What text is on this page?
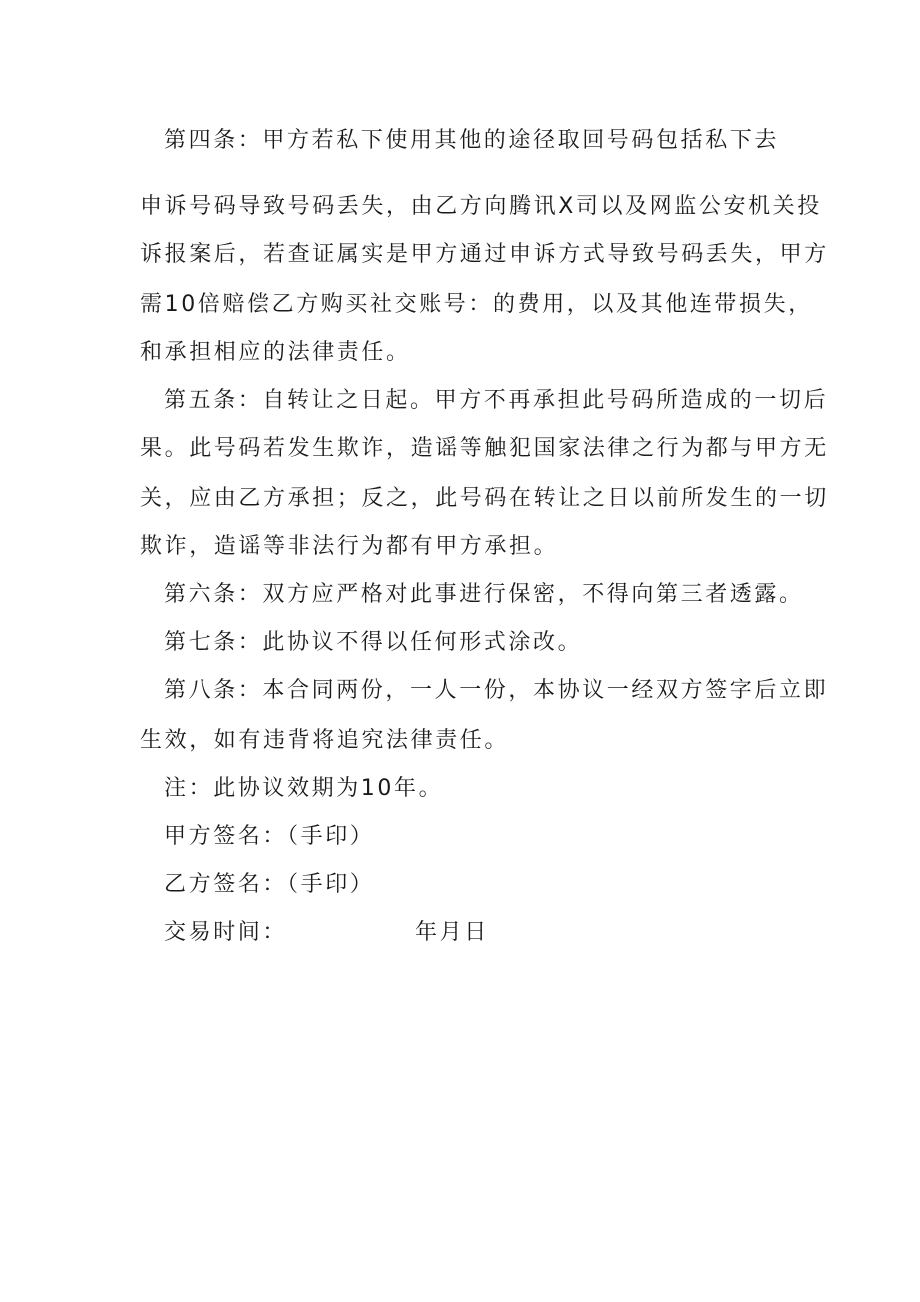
第四条：甲方若私下使用其他的途径取回号码包括私下去
申诉号码导致号码丢失，由乙方向腾讯X司以及网监公安机关投
诉报案后，若查证属实是甲方通过申诉方式导致号码丢失，甲方
需10倍赔偿乙方购买社交账号：的费用，以及其他连带损失，
和承担相应的法律责任。
第五条：自转让之日起。甲方不再承担此号码所造成的一切后
果。此号码若发生欺诈，造谣等触犯国家法律之行为都与甲方无
关，应由乙方承担；反之，此号码在转让之日以前所发生的一切
欺诈，造谣等非法行为都有甲方承担。
第六条：双方应严格对此事进行保密，不得向第三者透露。
第七条：此协议不得以任何形式涂改。
第八条：本合同两份，一人一份，本协议一经双方签字后立即
生效，如有违背将追究法律责任。
注：此协议效期为10年。
甲方签名：（手印）
乙方签名：（手印）
交易时间：	年月日
